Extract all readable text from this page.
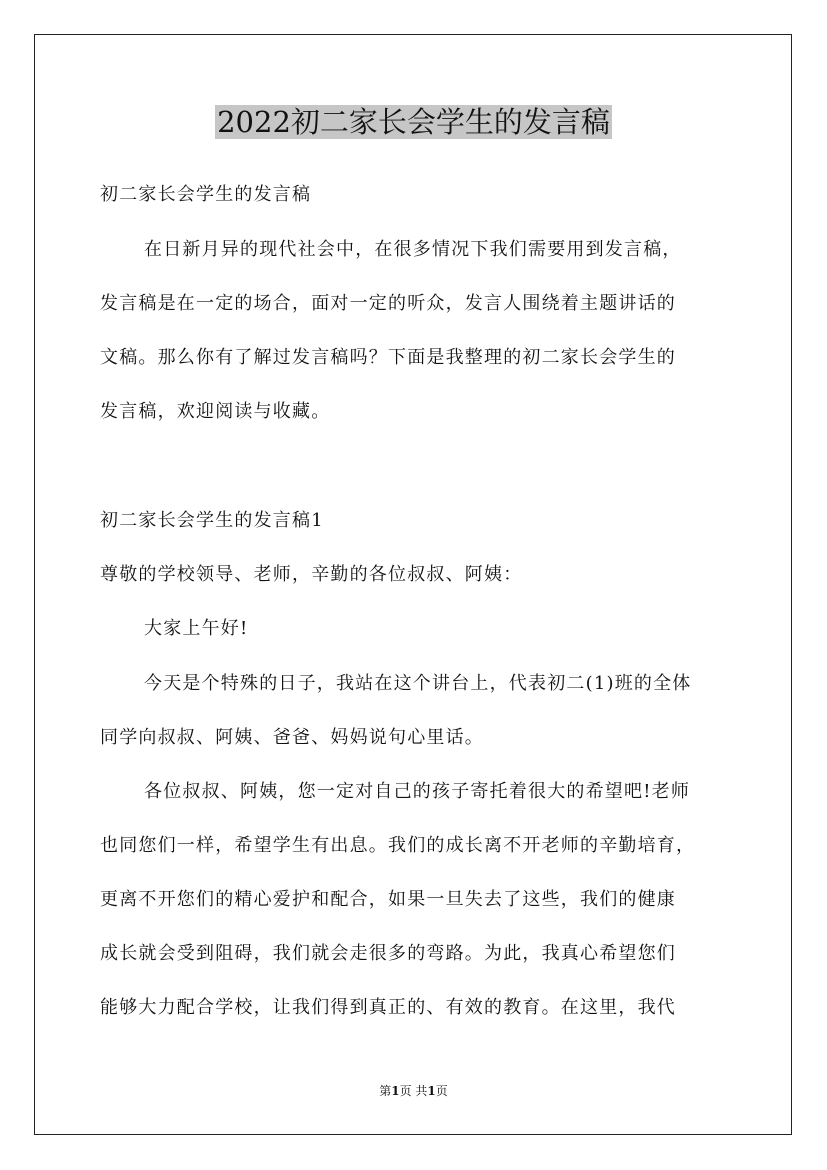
2022初二家长会学生的发言稿
初二家长会学生的发言稿
在日新月异的现代社会中，在很多情况下我们需要用到发言稿，
发言稿是在一定的场合，面对一定的听众，发言人围绕着主题讲话的
文稿。那么你有了解过发言稿吗？下面是我整理的初二家长会学生的
发言稿，欢迎阅读与收藏。
初二家长会学生的发言稿1
尊敬的学校领导、老师，辛勤的各位叔叔、阿姨：
大家上午好!
今天是个特殊的日子，我站在这个讲台上，代表初二(1)班的全体
同学向叔叔、阿姨、爸爸、妈妈说句心里话。
各位叔叔、阿姨，您一定对自己的孩子寄托着很大的希望吧!老师
也同您们一样，希望学生有出息。我们的成长离不开老师的辛勤培育，
更离不开您们的精心爱护和配合，如果一旦失去了这些，我们的健康
成长就会受到阻碍，我们就会走很多的弯路。为此，我真心希望您们
能够大力配合学校，让我们得到真正的、有效的教育。在这里，我代
第1页 共1页
